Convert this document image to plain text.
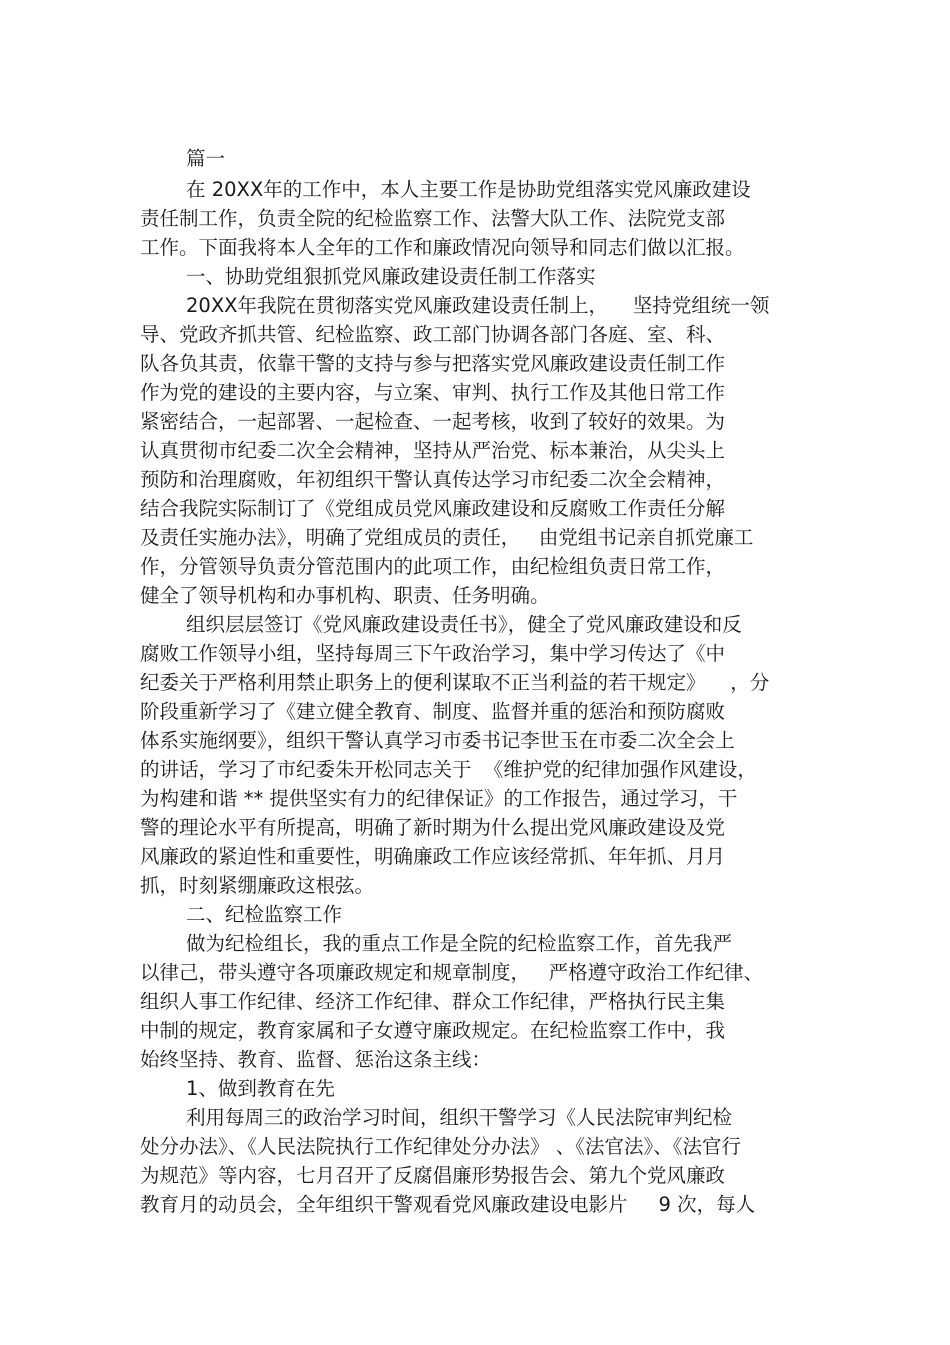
篇一
在 20XX年的工作中，本人主要工作是协助党组落实党风廉政建设
责任制工作，负责全院的纪检监察工作、法警大队工作、法院党支部
工作。下面我将本人全年的工作和廉政情况向领导和同志们做以汇报。
一、协助党组狠抓党风廉政建设责任制工作落实
20XX年我院在贯彻落实党风廉政建设责任制上，    坚持党组统一领
导、党政齐抓共管、纪检监察、政工部门协调各部门各庭、室、科、
队各负其责，依靠干警的支持与参与把落实党风廉政建设责任制工作
作为党的建设的主要内容，与立案、审判、执行工作及其他日常工作
紧密结合，一起部署、一起检查、一起考核，收到了较好的效果。为
认真贯彻市纪委二次全会精神，坚持从严治党、标本兼治，从尖头上
预防和治理腐败，年初组织干警认真传达学习市纪委二次全会精神，
结合我院实际制订了《党组成员党风廉政建设和反腐败工作责任分解
及责任实施办法》，明确了党组成员的责任，   由党组书记亲自抓党廉工
作，分管领导负责分管范围内的此项工作，由纪检组负责日常工作，
健全了领导机构和办事机构、职责、任务明确。
组织层层签订《党风廉政建设责任书》，健全了党风廉政建设和反
腐败工作领导小组，坚持每周三下午政治学习，集中学习传达了《中
纪委关于严格利用禁止职务上的便利谋取不正当利益的若干规定》    ，分
阶段重新学习了《建立健全教育、制度、监督并重的惩治和预防腐败
体系实施纲要》，组织干警认真学习市委书记李世玉在市委二次全会上
的讲话，学习了市纪委朱开松同志关于  《维护党的纪律加强作风建设，
为构建和谐 ** 提供坚实有力的纪律保证》的工作报告，通过学习，干
警的理论水平有所提高，明确了新时期为什么提出党风廉政建设及党
风廉政的紧迫性和重要性，明确廉政工作应该经常抓、年年抓、月月
抓，时刻紧绷廉政这根弦。
二、纪检监察工作
做为纪检组长，我的重点工作是全院的纪检监察工作，首先我严
以律己，带头遵守各项廉政规定和规章制度，   严格遵守政治工作纪律、
组织人事工作纪律、经济工作纪律、群众工作纪律，严格执行民主集
中制的规定，教育家属和子女遵守廉政规定。在纪检监察工作中，我
始终坚持、教育、监督、惩治这条主线：
1、做到教育在先
利用每周三的政治学习时间，组织干警学习《人民法院审判纪检
处分办法》、《人民法院执行工作纪律处分办法》 、《法官法》、《法官行
为规范》等内容，七月召开了反腐倡廉形势报告会、第九个党风廉政
教育月的动员会，全年组织干警观看党风廉政建设电影片     9 次，每人
